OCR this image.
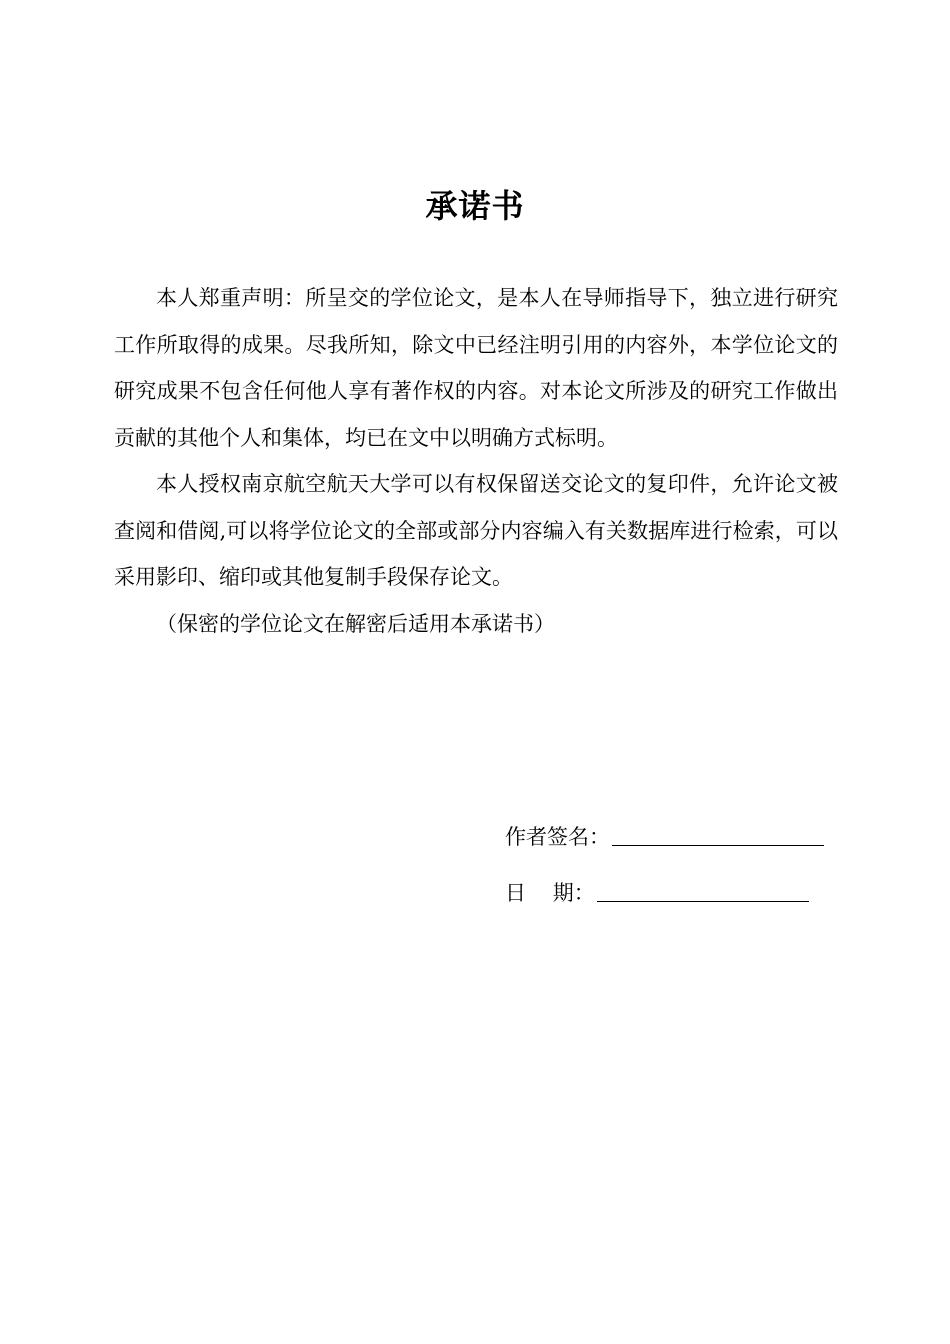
承诺书

本人郑重声明：所呈交的学位论文，是本人在导师指导下，独立进行研究工作所取得的成果。尽我所知，除文中已经注明引用的内容外，本学位论文的研究成果不包含任何他人享有著作权的内容。对本论文所涉及的研究工作做出贡献的其他个人和集体，均已在文中以明确方式标明。

本人授权南京航空航天大学可以有权保留送交论文的复印件，允许论文被查阅和借阅,可以将学位论文的全部或部分内容编入有关数据库进行检索，可以采用影印、缩印或其他复制手段保存论文。

（保密的学位论文在解密后适用本承诺书）

作者签名：
日    期：
